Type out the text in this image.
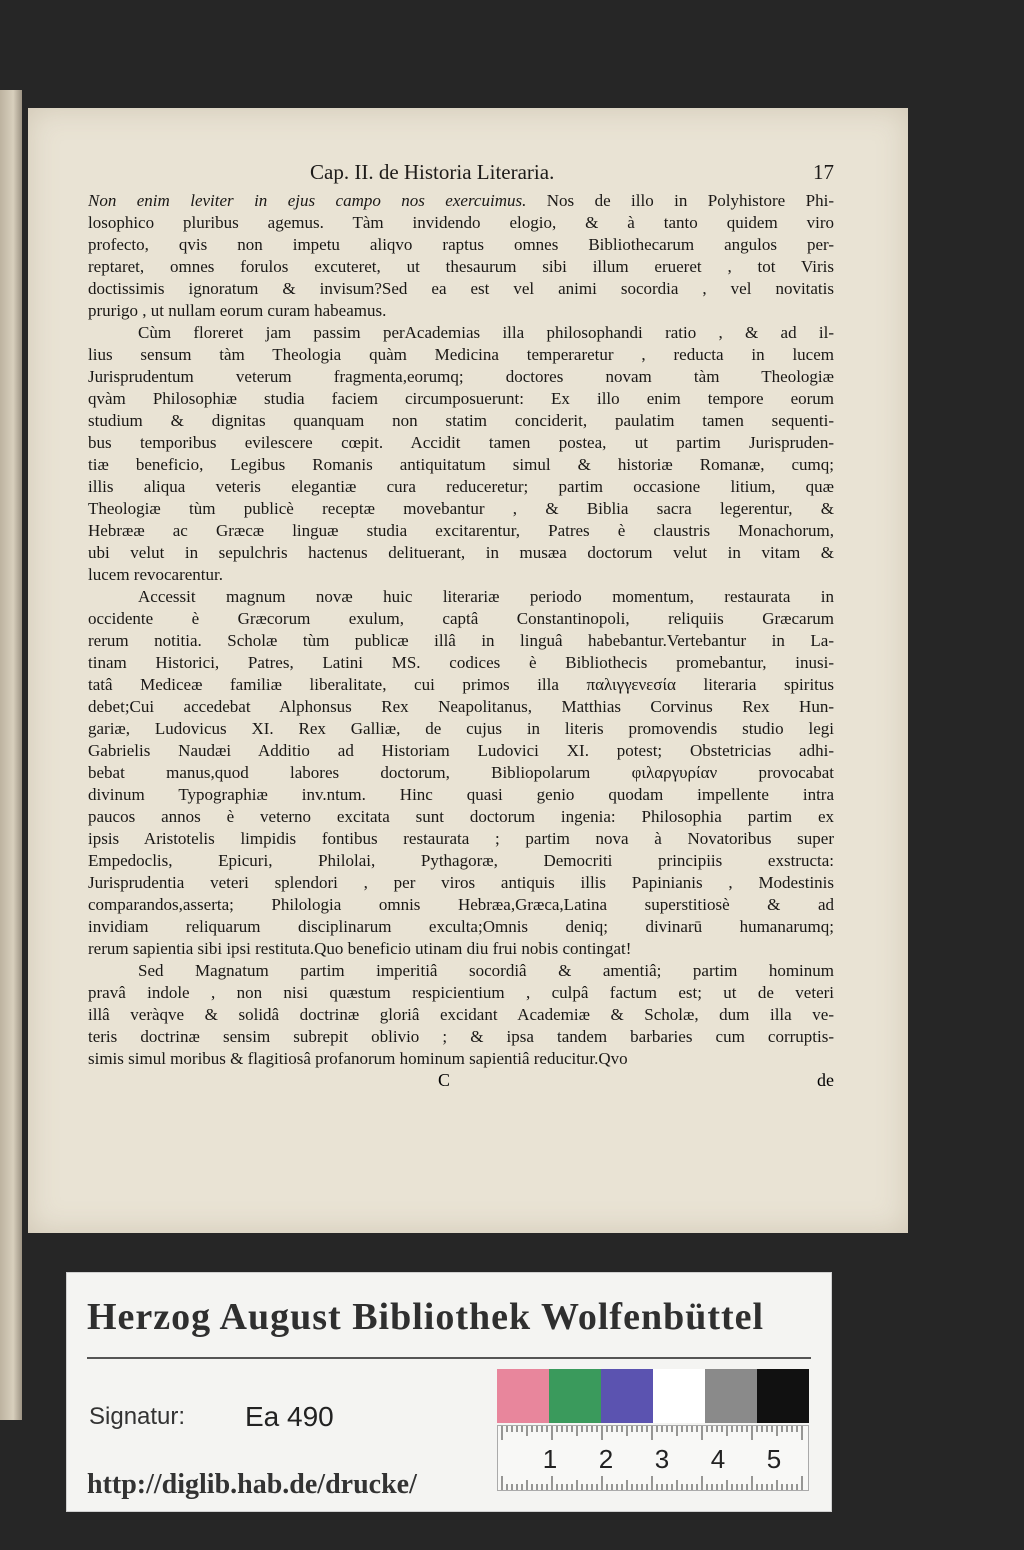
Cap. II. de Historia Literaria.	17
Non enim leviter in ejus campo nos exercuimus. Nos de illo in Polyhistore Phi-
losophico pluribus agemus. Tàm invidendo elogio, & à tanto quidem viro
profecto, qvis non impetu aliqvo raptus omnes Bibliothecarum angulos per-
reptaret, omnes forulos excuteret, ut thesaurum sibi illum erueret , tot Viris
doctissimis ignoratum & invisum?Sed ea est vel animi socordia , vel novitatis
prurigo , ut nullam eorum curam habeamus.
Cùm floreret jam passim perAcademias illa philosophandi ratio , & ad il-
lius sensum tàm Theologia quàm Medicina temperaretur , reducta in lucem
Jurisprudentum veterum fragmenta,eorumq; doctores novam tàm Theologiæ
qvàm Philosophiæ studia faciem circumposuerunt: Ex illo enim tempore eorum
studium & dignitas quanquam non statim conciderit, paulatim tamen sequenti-
bus temporibus evilescere cœpit. Accidit tamen postea, ut partim Jurispruden-
tiæ beneficio, Legibus Romanis antiquitatum simul & historiæ Romanæ, cumq;
illis aliqua veteris elegantiæ cura reduceretur; partim occasione litium, quæ
Theologiæ tùm publicè receptæ movebantur , & Biblia sacra legerentur, &
Hebrææ ac Græcæ linguæ studia excitarentur, Patres è claustris Monachorum,
ubi velut in sepulchris hactenus delituerant, in musæa doctorum velut in vitam &
lucem revocarentur.
Accessit magnum novæ huic literariæ periodo momentum, restaurata in
occidente è Græcorum exulum, captâ Constantinopoli, reliquiis Græcarum
rerum notitia. Scholæ tùm publicæ illâ in linguâ habebantur.Vertebantur in La-
tinam Historici, Patres, Latini MS. codices è Bibliothecis promebantur, inusi-
tatâ Mediceæ familiæ liberalitate, cui primos illa παλιγγενεσία literaria spiritus
debet;Cui accedebat Alphonsus Rex Neapolitanus, Matthias Corvinus Rex Hun-
gariæ, Ludovicus XI. Rex Galliæ, de cujus in literis promovendis studio legi
Gabrielis Naudæi Additio ad Historiam Ludovici XI. potest; Obstetricias adhi-
bebat manus,quod labores doctorum, Bibliopolarum φιλαργυρίαν provocabat
divinum Typographiæ inv.ntum. Hinc quasi genio quodam impellente intra
paucos annos è veterno excitata sunt doctorum ingenia: Philosophia partim ex
ipsis Aristotelis limpidis fontibus restaurata ; partim nova à Novatoribus super
Empedoclis, Epicuri, Philolai, Pythagoræ, Democriti principiis exstructa:
Jurisprudentia veteri splendori , per viros antiquis illis Papinianis , Modestinis
comparandos,asserta; Philologia omnis Hebræa,Græca,Latina superstitiosè & ad
invidiam reliquarum disciplinarum exculta;Omnis deniq; divinarū humanarumq;
rerum sapientia sibi ipsi restituta.Quo beneficio utinam diu frui nobis contingat!
Sed Magnatum partim imperitiâ socordiâ & amentiâ; partim hominum
pravâ indole , non nisi quæstum respicientium , culpâ factum est; ut de veteri
illâ veràqve & solidâ doctrinæ gloriâ excidant Academiæ & Scholæ, dum illa ve-
teris doctrinæ sensim subrepit oblivio ; & ipsa tandem barbaries cum corruptis-
simis simul moribus & flagitiosâ profanorum hominum sapientiâ reducitur.Qvo
C	de
Herzog August Bibliothek Wolfenbüttel
1 2 3 4 5
Signatur: Ea 490
http://diglib.hab.de/drucke/
